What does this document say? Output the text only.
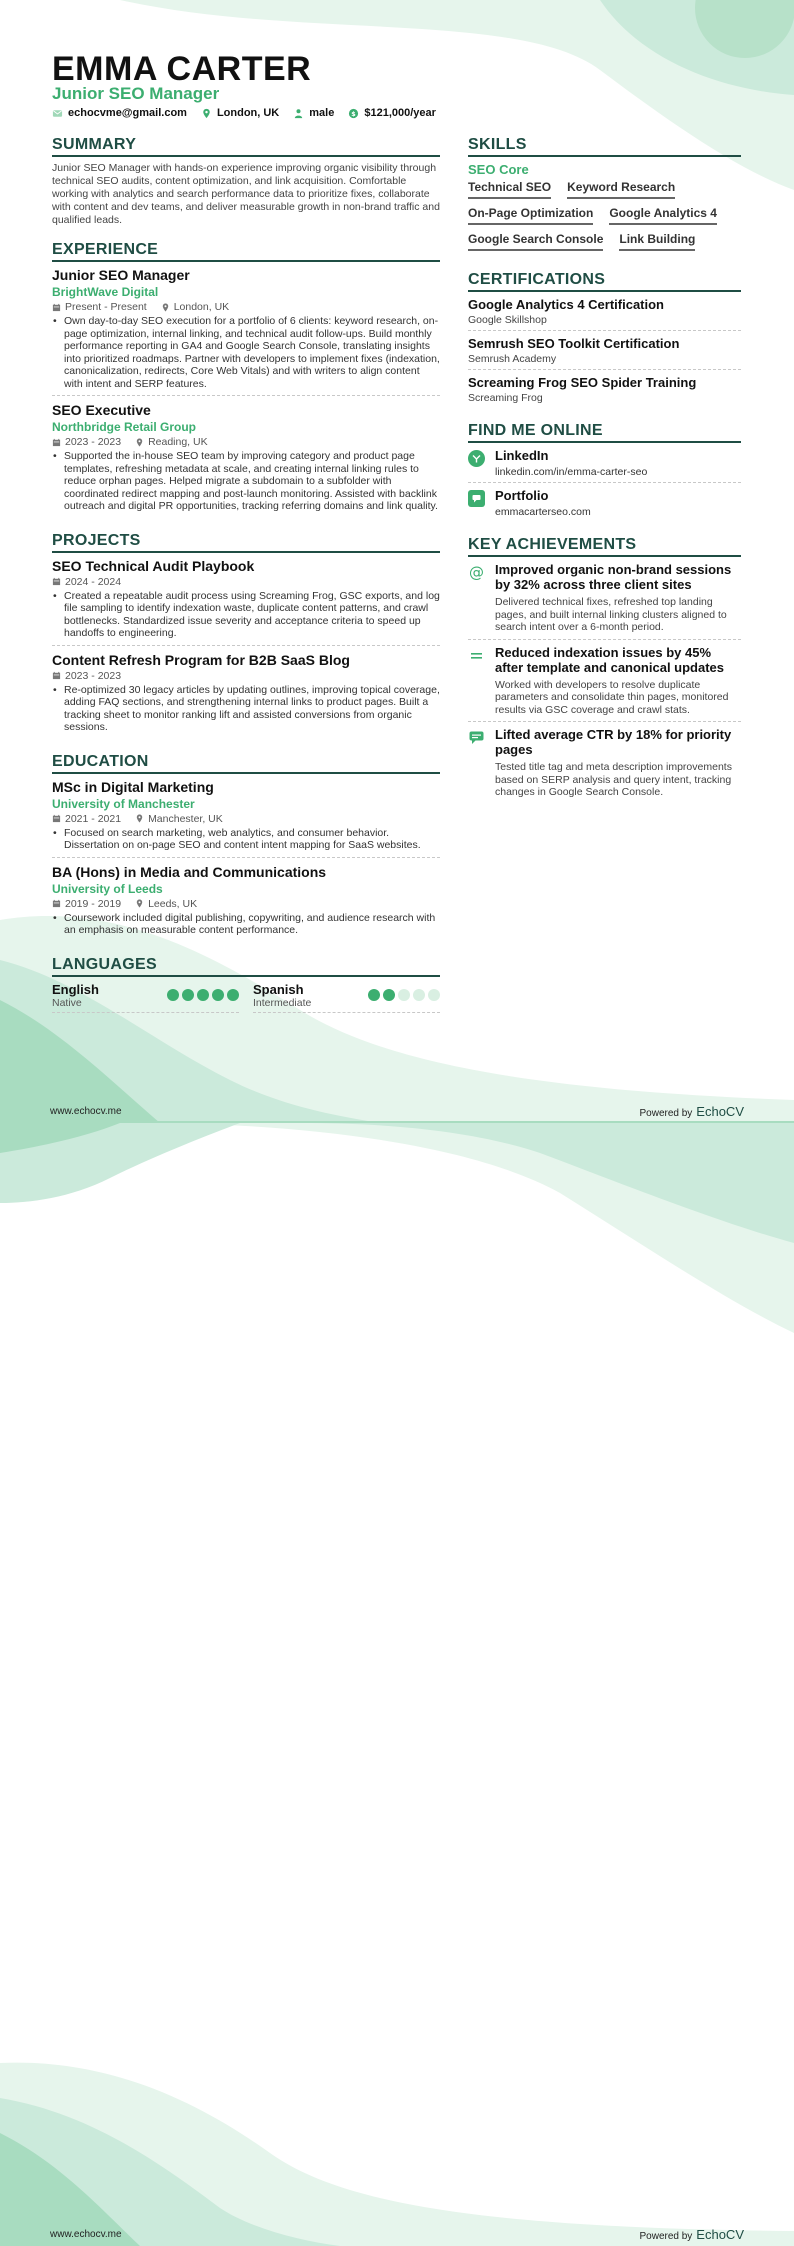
EMMA CARTER
Junior SEO Manager
echocvme@gmail.com	London, UK	male $ $121,000/year
SUMMARY
Junior SEO Manager with hands-on experience improving organic visibility through technical SEO audits, content optimization, and link acquisition. Comfortable working with analytics and search performance data to prioritize fixes, collaborate with content and dev teams, and deliver measurable growth in non-brand traffic and qualified leads.
EXPERIENCE
Junior SEO Manager
BrightWave Digital
Present - Present	London, UK
• Own day-to-day SEO execution for a portfolio of 6 clients: keyword research, on-page optimization, internal linking, and technical audit follow-ups. Build monthly performance reporting in GA4 and Google Search Console, translating insights into prioritized roadmaps. Partner with developers to implement fixes (indexation, canonicalization, redirects, Core Web Vitals) and with writers to align content with intent and SERP features.
SEO Executive
Northbridge Retail Group
2023 - 2023	Reading, UK
• Supported the in-house SEO team by improving category and product page templates, refreshing metadata at scale, and creating internal linking rules to reduce orphan pages. Helped migrate a subdomain to a subfolder with coordinated redirect mapping and post-launch monitoring. Assisted with backlink outreach and digital PR opportunities, tracking referring domains and link quality.
PROJECTS
SEO Technical Audit Playbook
2024 - 2024
• Created a repeatable audit process using Screaming Frog, GSC exports, and log file sampling to identify indexation waste, duplicate content patterns, and crawl bottlenecks. Standardized issue severity and acceptance criteria to speed up handoffs to engineering.
Content Refresh Program for B2B SaaS Blog
2023 - 2023
• Re-optimized 30 legacy articles by updating outlines, improving topical coverage, adding FAQ sections, and strengthening internal links to product pages. Built a tracking sheet to monitor ranking lift and assisted conversions from organic sessions.
EDUCATION
MSc in Digital Marketing
University of Manchester
2021 - 2021	Manchester, UK
• Focused on search marketing, web analytics, and consumer behavior. Dissertation on on-page SEO and content intent mapping for SaaS websites.
BA (Hons) in Media and Communications
University of Leeds
2019 - 2019	Leeds, UK
• Coursework included digital publishing, copywriting, and audience research with an emphasis on measurable content performance.
LANGUAGES
English
Native
Spanish
Intermediate
SKILLS
SEO Core
Technical SEO Keyword Research
On-Page Optimization Google Analytics 4
Google Search Console Link Building
CERTIFICATIONS
Google Analytics 4 Certification
Google Skillshop
Semrush SEO Toolkit Certification
Semrush Academy
Screaming Frog SEO Spider Training
Screaming Frog
FIND ME ONLINE
LinkedIn
linkedin.com/in/emma-carter-seo
Portfolio
emmacarterseo.com
KEY ACHIEVEMENTS
@ Improved organic non-brand sessions by 32% across three client sites
Delivered technical fixes, refreshed top landing pages, and built internal linking clusters aligned to search intent over a 6-month period.
Reduced indexation issues by 45% after template and canonical updates
Worked with developers to resolve duplicate parameters and consolidate thin pages, monitored results via GSC coverage and crawl stats.
Lifted average CTR by 18% for priority pages
Tested title tag and meta description improvements based on SERP analysis and query intent, tracking changes in Google Search Console.
www.echocv.me	Powered by EchoCV
www.echocv.me	Powered by EchoCV
